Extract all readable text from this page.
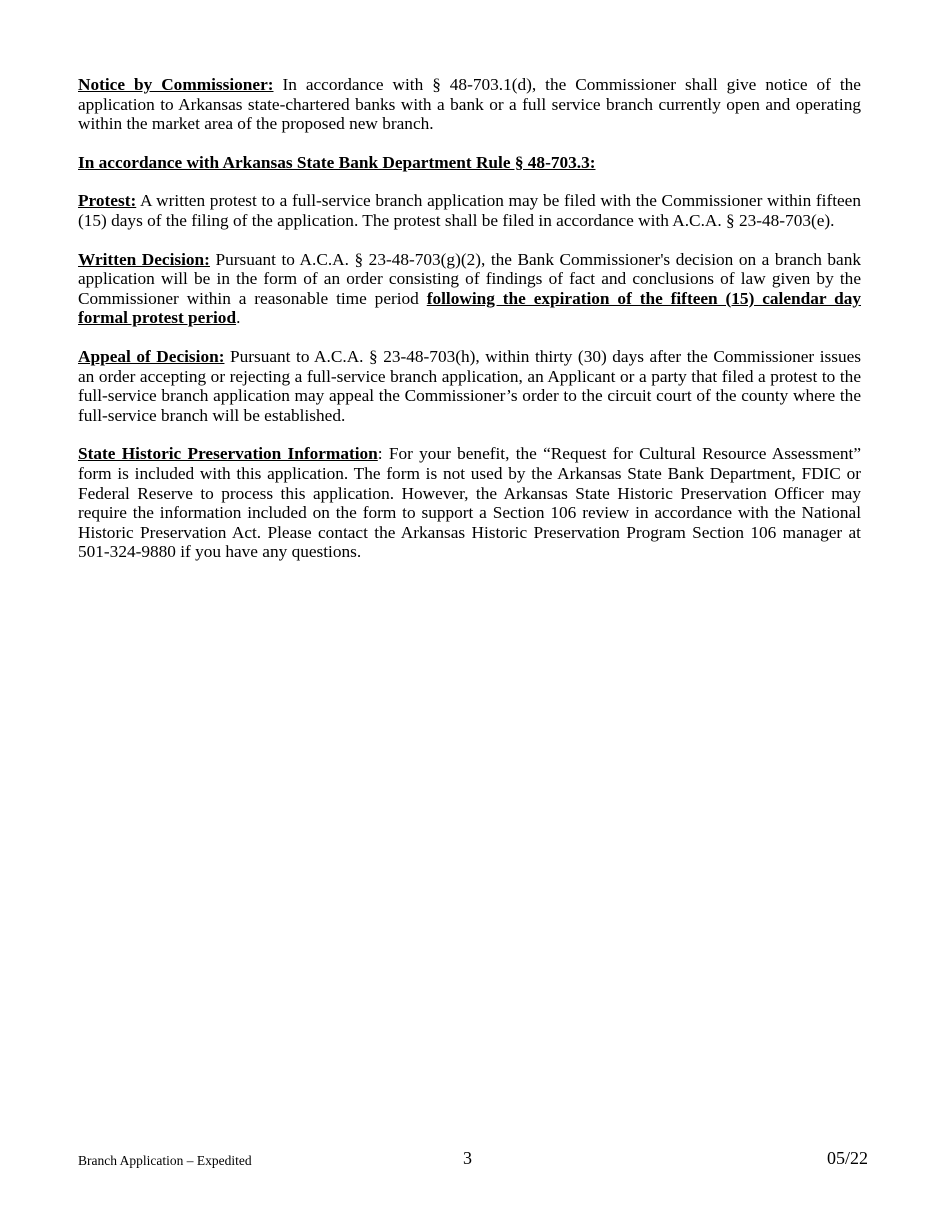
Notice by Commissioner: In accordance with § 48-703.1(d), the Commissioner shall give notice of the application to Arkansas state-chartered banks with a bank or a full service branch currently open and operating within the market area of the proposed new branch.

In accordance with Arkansas State Bank Department Rule § 48-703.3:

Protest: A written protest to a full-service branch application may be filed with the Commissioner within fifteen (15) days of the filing of the application. The protest shall be filed in accordance with A.C.A. § 23-48-703(e).

Written Decision: Pursuant to A.C.A. § 23-48-703(g)(2), the Bank Commissioner's decision on a branch bank application will be in the form of an order consisting of findings of fact and conclusions of law given by the Commissioner within a reasonable time period following the expiration of the fifteen (15) calendar day formal protest period.

Appeal of Decision: Pursuant to A.C.A. § 23-48-703(h), within thirty (30) days after the Commissioner issues an order accepting or rejecting a full-service branch application, an Applicant or a party that filed a protest to the full-service branch application may appeal the Commissioner’s order to the circuit court of the county where the full-service branch will be established.

State Historic Preservation Information: For your benefit, the “Request for Cultural Resource Assessment” form is included with this application. The form is not used by the Arkansas State Bank Department, FDIC or Federal Reserve to process this application. However, the Arkansas State Historic Preservation Officer may require the information included on the form to support a Section 106 review in accordance with the National Historic Preservation Act. Please contact the Arkansas Historic Preservation Program Section 106 manager at 501-324-9880 if you have any questions.

Branch Application – Expedited	3	05/22
